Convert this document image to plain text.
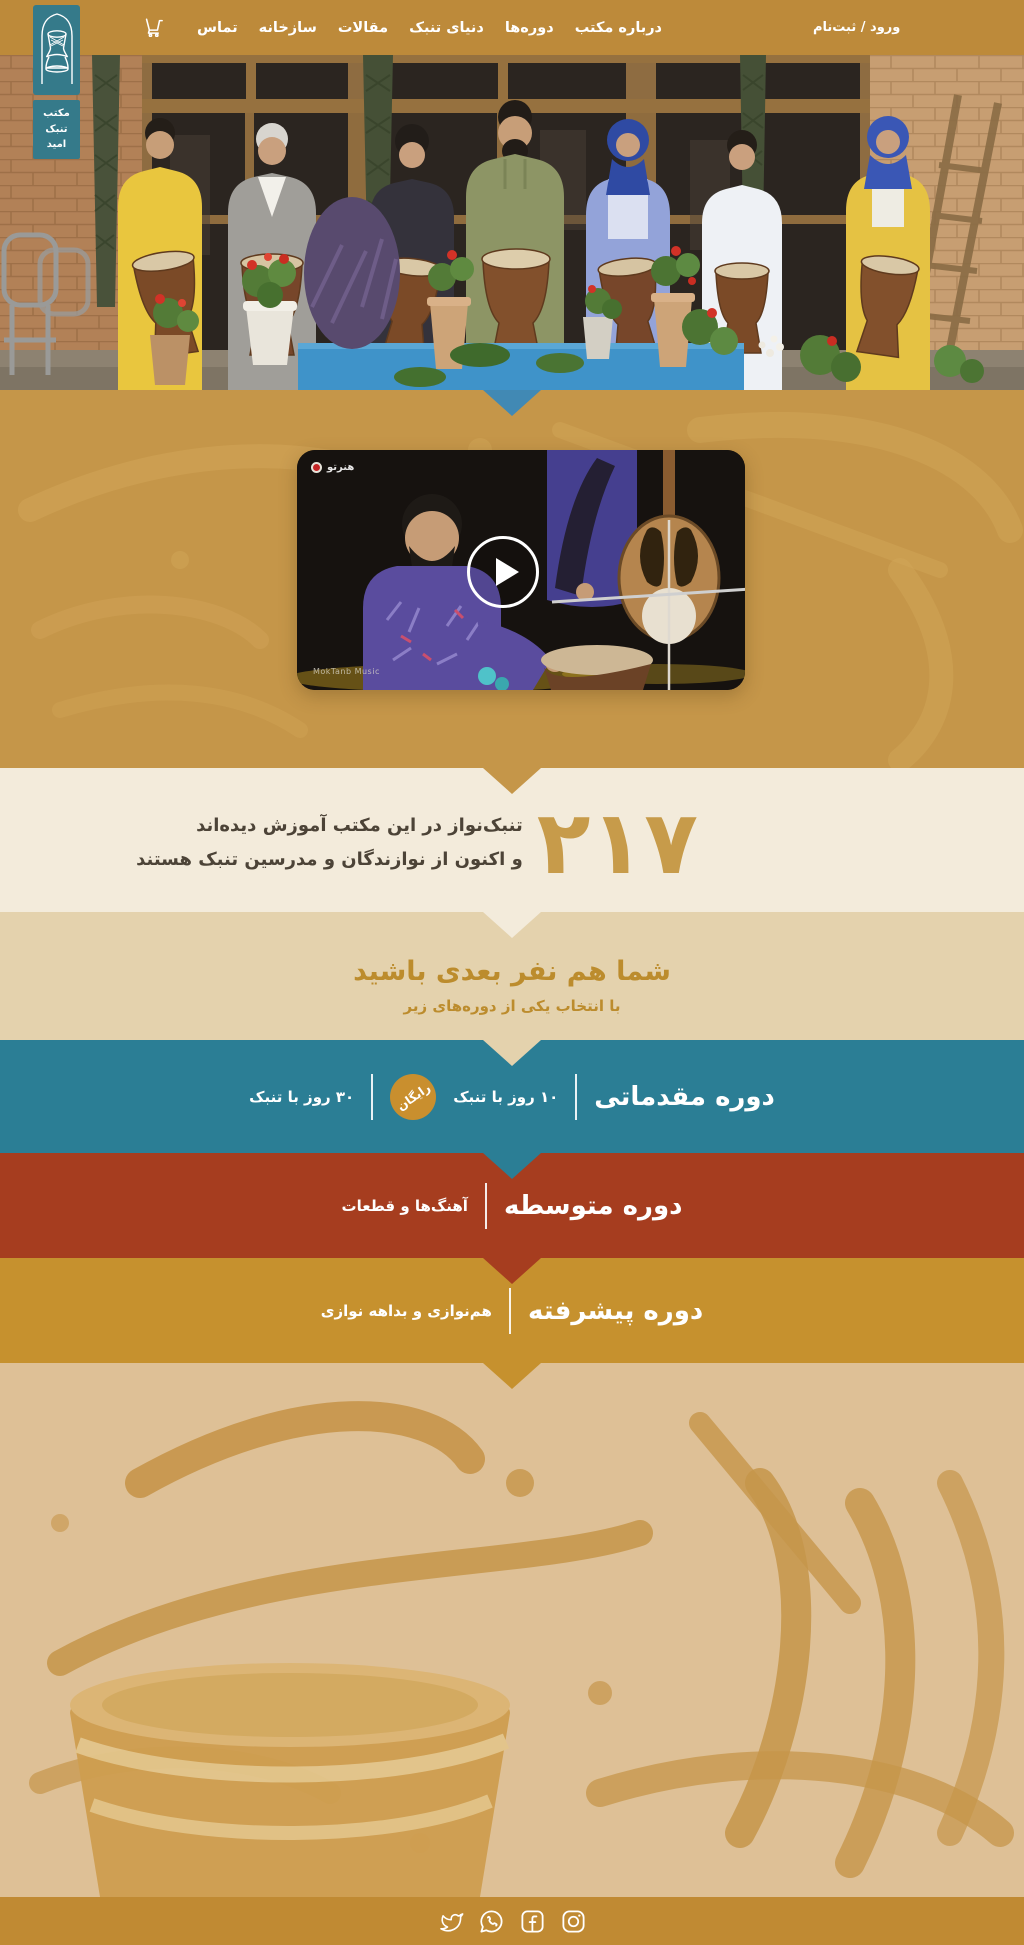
درباره مکتب
دوره‌ها
دنیای تنبک
مقالات
سازخانه
تماس	ورود / ثبت‌نام
مکتب
تنبک
امید
هنرتو
MokTanb Music
۲۱۷
تنبک‌نواز در این مکتب آموزش دیده‌اند
و اکنون از نوازندگان و مدرسین تنبک هستند
شما هم نفر بعدی باشید

با انتخاب یکی از دوره‌های زیر

دوره مقدماتی
۱۰ روز با تنبک
رایگان
۳۰ روز با تنبک
دوره متوسطه
آهنگ‌ها و قطعات
دوره پیشرفته
هم‌نوازی و بداهه نوازی
